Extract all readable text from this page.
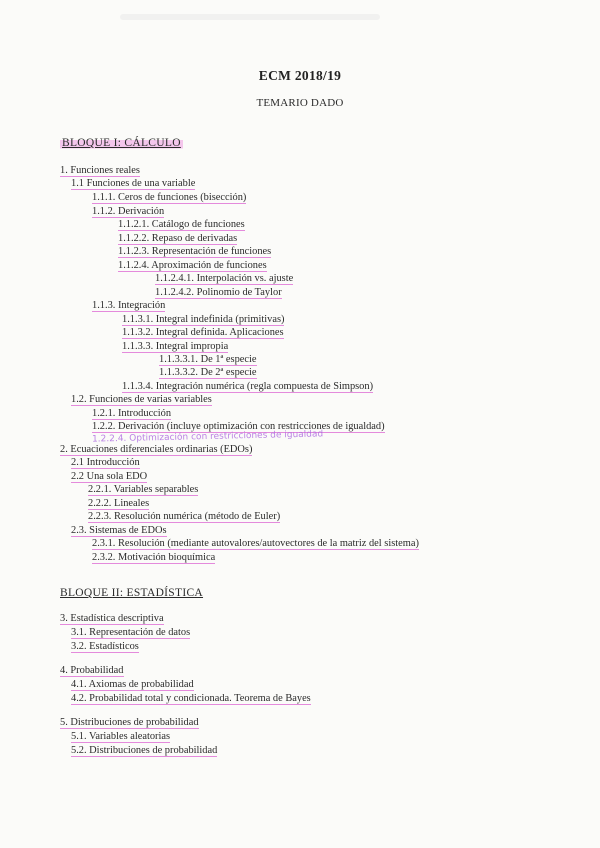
ECM 2018/19
TEMARIO DADO
BLOQUE I: CÁLCULO
1. Funciones reales
1.1 Funciones de una variable
1.1.1. Ceros de funciones (bisección)
1.1.2. Derivación
1.1.2.1. Catálogo de funciones
1.1.2.2. Repaso de derivadas
1.1.2.3. Representación de funciones
1.1.2.4. Aproximación de funciones
1.1.2.4.1. Interpolación vs. ajuste
1.1.2.4.2. Polinomio de Taylor
1.1.3. Integración
1.1.3.1. Integral indefinida (primitivas)
1.1.3.2. Integral definida. Aplicaciones
1.1.3.3. Integral impropia
1.1.3.3.1. De 1ª especie
1.1.3.3.2. De 2ª especie
1.1.3.4. Integración numérica (regla compuesta de Simpson)
1.2. Funciones de varias variables
1.2.1. Introducción
1.2.2. Derivación (incluye optimización con restricciones de igualdad)
1.2.2.4. Optimización con restricciones de igualdad
2. Ecuaciones diferenciales ordinarias (EDOs)
2.1 Introducción
2.2 Una sola EDO
2.2.1. Variables separables
2.2.2. Lineales
2.2.3. Resolución numérica (método de Euler)
2.3. Sistemas de EDOs
2.3.1. Resolución (mediante autovalores/autovectores de la matriz del sistema)
2.3.2. Motivación bioquímica
BLOQUE II: ESTADÍSTICA
3. Estadística descriptiva
3.1. Representación de datos
3.2. Estadísticos
4. Probabilidad
4.1. Axiomas de probabilidad
4.2. Probabilidad total y condicionada. Teorema de Bayes
5. Distribuciones de probabilidad
5.1. Variables aleatorias
5.2. Distribuciones de probabilidad
